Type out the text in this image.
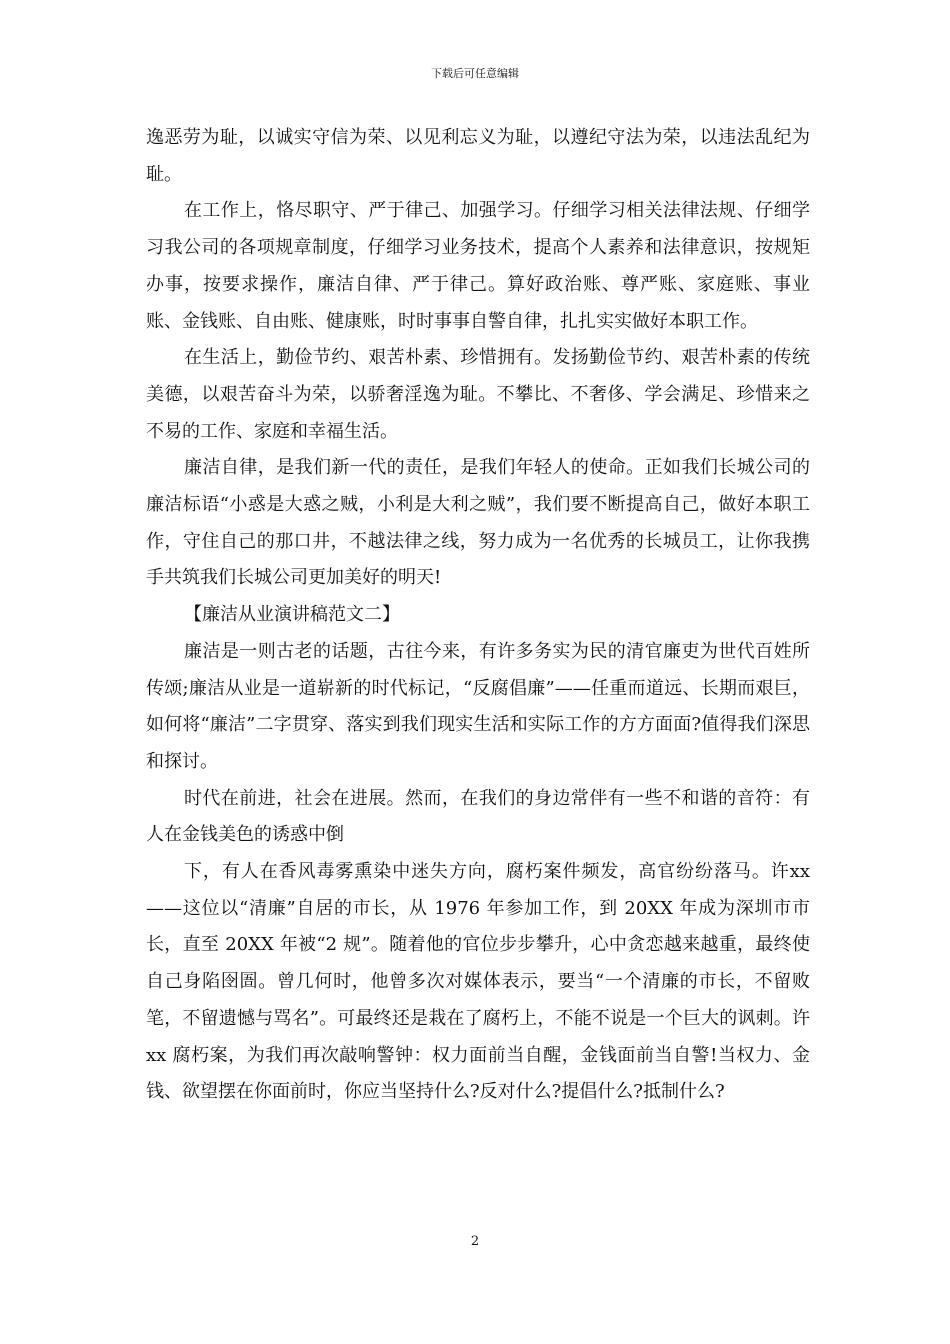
下载后可任意编辑

逸恶劳为耻，以诚实守信为荣、以见利忘义为耻，以遵纪守法为荣，以违法乱纪为耻。

在工作上，恪尽职守、严于律己、加强学习。仔细学习相关法律法规、仔细学习我公司的各项规章制度，仔细学习业务技术，提高个人素养和法律意识，按规矩办事，按要求操作，廉洁自律、严于律己。算好政治账、尊严账、家庭账、事业账、金钱账、自由账、健康账，时时事事自警自律，扎扎实实做好本职工作。

在生活上，勤俭节约、艰苦朴素、珍惜拥有。发扬勤俭节约、艰苦朴素的传统美德，以艰苦奋斗为荣，以骄奢淫逸为耻。不攀比、不奢侈、学会满足、珍惜来之不易的工作、家庭和幸福生活。

廉洁自律，是我们新一代的责任，是我们年轻人的使命。正如我们长城公司的廉洁标语“小惑是大惑之贼，小利是大利之贼”，我们要不断提高自己，做好本职工作，守住自己的那口井，不越法律之线，努力成为一名优秀的长城员工，让你我携手共筑我们长城公司更加美好的明天!

【廉洁从业演讲稿范文二】

廉洁是一则古老的话题，古往今来，有许多务实为民的清官廉吏为世代百姓所传颂;廉洁从业是一道崭新的时代标记，“反腐倡廉”——任重而道远、长期而艰巨，如何将“廉洁”二字贯穿、落实到我们现实生活和实际工作的方方面面?值得我们深思和探讨。

时代在前进，社会在进展。然而，在我们的身边常伴有一些不和谐的音符：有人在金钱美色的诱惑中倒

下，有人在香风毒雾熏染中迷失方向，腐朽案件频发，高官纷纷落马。许xx——这位以“清廉”自居的市长，从 1976 年参加工作，到 20XX 年成为深圳市市长，直至 20XX 年被“2 规”。随着他的官位步步攀升，心中贪恋越来越重，最终使自己身陷囹圄。曾几何时，他曾多次对媒体表示，要当“一个清廉的市长，不留败笔，不留遗憾与骂名”。可最终还是栽在了腐朽上，不能不说是一个巨大的讽刺。许 xx 腐朽案，为我们再次敲响警钟：权力面前当自醒，金钱面前当自警!当权力、金钱、欲望摆在你面前时，你应当坚持什么?反对什么?提倡什么?抵制什么?

2
